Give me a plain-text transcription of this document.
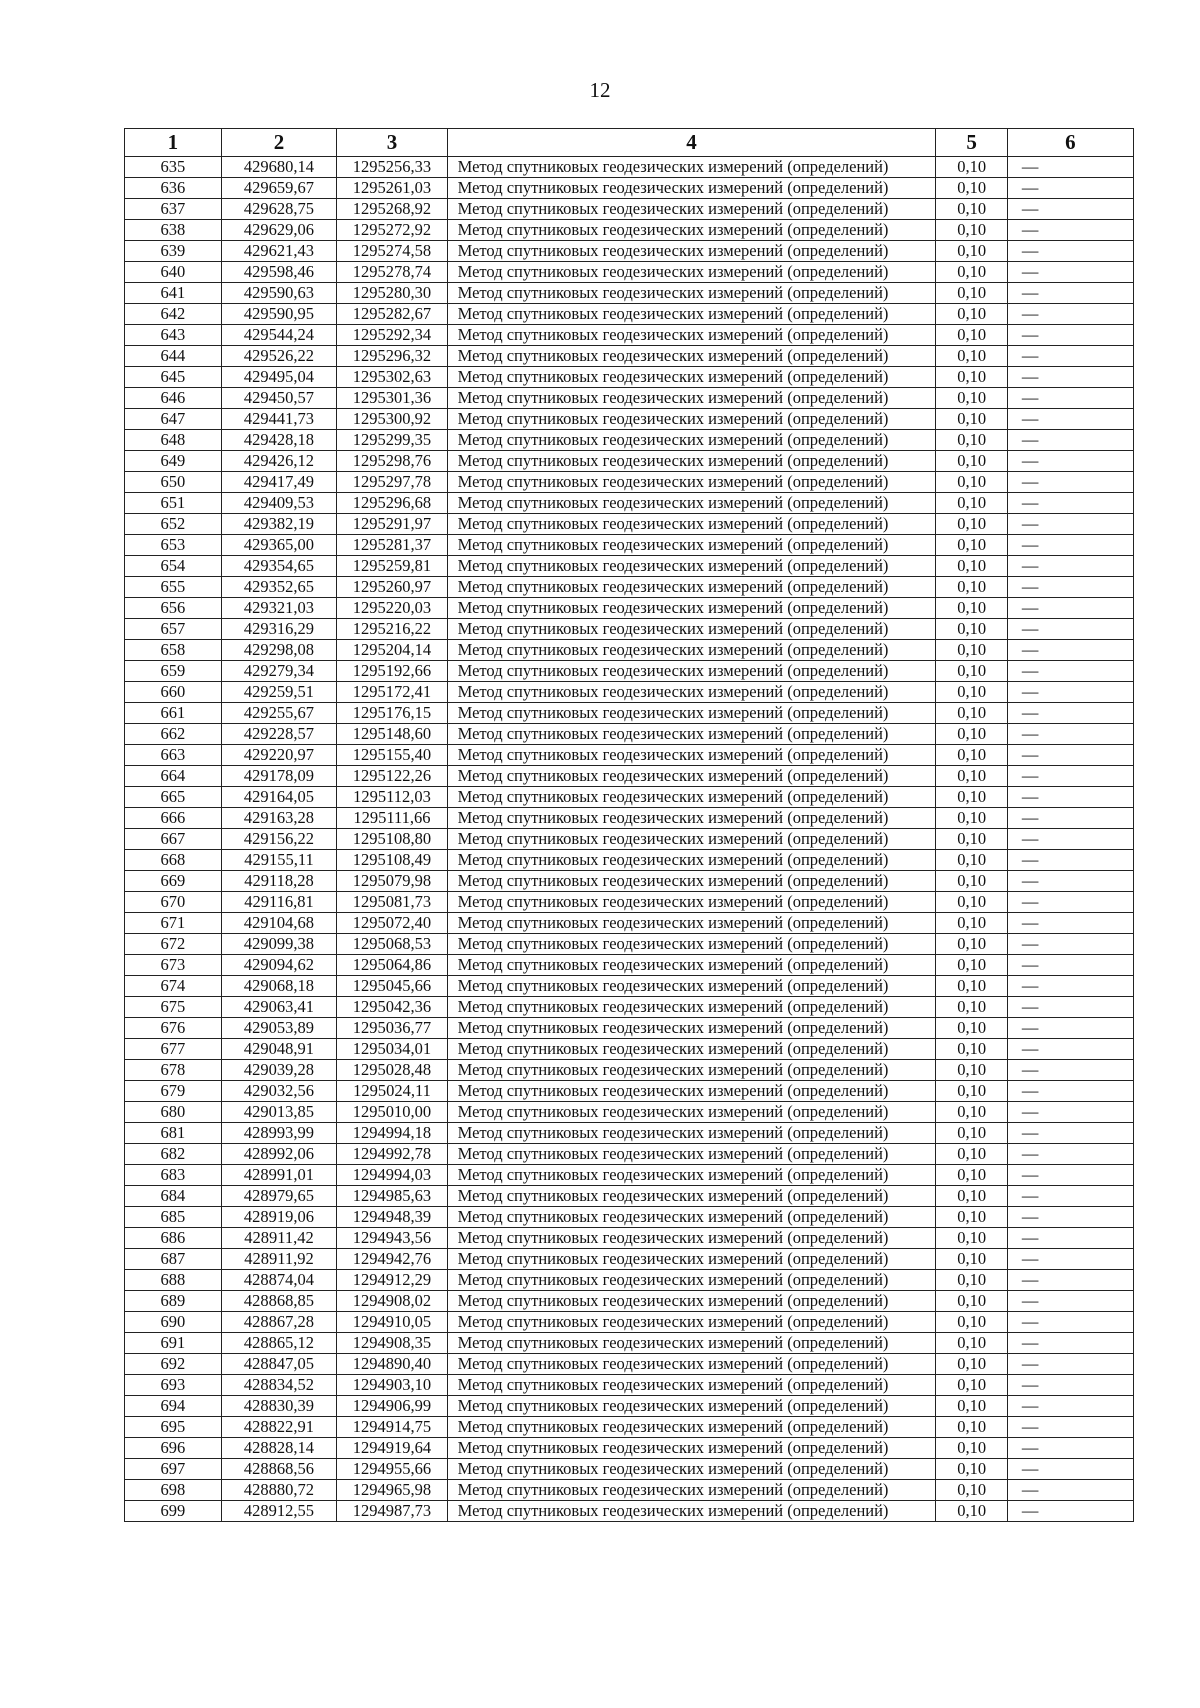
12
1	2	3	4	5	6
635	429680,14	1295256,33	Метод спутниковых геодезических измерений (определений)	0,10	—
636	429659,67	1295261,03	Метод спутниковых геодезических измерений (определений)	0,10	—
637	429628,75	1295268,92	Метод спутниковых геодезических измерений (определений)	0,10	—
638	429629,06	1295272,92	Метод спутниковых геодезических измерений (определений)	0,10	—
639	429621,43	1295274,58	Метод спутниковых геодезических измерений (определений)	0,10	—
640	429598,46	1295278,74	Метод спутниковых геодезических измерений (определений)	0,10	—
641	429590,63	1295280,30	Метод спутниковых геодезических измерений (определений)	0,10	—
642	429590,95	1295282,67	Метод спутниковых геодезических измерений (определений)	0,10	—
643	429544,24	1295292,34	Метод спутниковых геодезических измерений (определений)	0,10	—
644	429526,22	1295296,32	Метод спутниковых геодезических измерений (определений)	0,10	—
645	429495,04	1295302,63	Метод спутниковых геодезических измерений (определений)	0,10	—
646	429450,57	1295301,36	Метод спутниковых геодезических измерений (определений)	0,10	—
647	429441,73	1295300,92	Метод спутниковых геодезических измерений (определений)	0,10	—
648	429428,18	1295299,35	Метод спутниковых геодезических измерений (определений)	0,10	—
649	429426,12	1295298,76	Метод спутниковых геодезических измерений (определений)	0,10	—
650	429417,49	1295297,78	Метод спутниковых геодезических измерений (определений)	0,10	—
651	429409,53	1295296,68	Метод спутниковых геодезических измерений (определений)	0,10	—
652	429382,19	1295291,97	Метод спутниковых геодезических измерений (определений)	0,10	—
653	429365,00	1295281,37	Метод спутниковых геодезических измерений (определений)	0,10	—
654	429354,65	1295259,81	Метод спутниковых геодезических измерений (определений)	0,10	—
655	429352,65	1295260,97	Метод спутниковых геодезических измерений (определений)	0,10	—
656	429321,03	1295220,03	Метод спутниковых геодезических измерений (определений)	0,10	—
657	429316,29	1295216,22	Метод спутниковых геодезических измерений (определений)	0,10	—
658	429298,08	1295204,14	Метод спутниковых геодезических измерений (определений)	0,10	—
659	429279,34	1295192,66	Метод спутниковых геодезических измерений (определений)	0,10	—
660	429259,51	1295172,41	Метод спутниковых геодезических измерений (определений)	0,10	—
661	429255,67	1295176,15	Метод спутниковых геодезических измерений (определений)	0,10	—
662	429228,57	1295148,60	Метод спутниковых геодезических измерений (определений)	0,10	—
663	429220,97	1295155,40	Метод спутниковых геодезических измерений (определений)	0,10	—
664	429178,09	1295122,26	Метод спутниковых геодезических измерений (определений)	0,10	—
665	429164,05	1295112,03	Метод спутниковых геодезических измерений (определений)	0,10	—
666	429163,28	1295111,66	Метод спутниковых геодезических измерений (определений)	0,10	—
667	429156,22	1295108,80	Метод спутниковых геодезических измерений (определений)	0,10	—
668	429155,11	1295108,49	Метод спутниковых геодезических измерений (определений)	0,10	—
669	429118,28	1295079,98	Метод спутниковых геодезических измерений (определений)	0,10	—
670	429116,81	1295081,73	Метод спутниковых геодезических измерений (определений)	0,10	—
671	429104,68	1295072,40	Метод спутниковых геодезических измерений (определений)	0,10	—
672	429099,38	1295068,53	Метод спутниковых геодезических измерений (определений)	0,10	—
673	429094,62	1295064,86	Метод спутниковых геодезических измерений (определений)	0,10	—
674	429068,18	1295045,66	Метод спутниковых геодезических измерений (определений)	0,10	—
675	429063,41	1295042,36	Метод спутниковых геодезических измерений (определений)	0,10	—
676	429053,89	1295036,77	Метод спутниковых геодезических измерений (определений)	0,10	—
677	429048,91	1295034,01	Метод спутниковых геодезических измерений (определений)	0,10	—
678	429039,28	1295028,48	Метод спутниковых геодезических измерений (определений)	0,10	—
679	429032,56	1295024,11	Метод спутниковых геодезических измерений (определений)	0,10	—
680	429013,85	1295010,00	Метод спутниковых геодезических измерений (определений)	0,10	—
681	428993,99	1294994,18	Метод спутниковых геодезических измерений (определений)	0,10	—
682	428992,06	1294992,78	Метод спутниковых геодезических измерений (определений)	0,10	—
683	428991,01	1294994,03	Метод спутниковых геодезических измерений (определений)	0,10	—
684	428979,65	1294985,63	Метод спутниковых геодезических измерений (определений)	0,10	—
685	428919,06	1294948,39	Метод спутниковых геодезических измерений (определений)	0,10	—
686	428911,42	1294943,56	Метод спутниковых геодезических измерений (определений)	0,10	—
687	428911,92	1294942,76	Метод спутниковых геодезических измерений (определений)	0,10	—
688	428874,04	1294912,29	Метод спутниковых геодезических измерений (определений)	0,10	—
689	428868,85	1294908,02	Метод спутниковых геодезических измерений (определений)	0,10	—
690	428867,28	1294910,05	Метод спутниковых геодезических измерений (определений)	0,10	—
691	428865,12	1294908,35	Метод спутниковых геодезических измерений (определений)	0,10	—
692	428847,05	1294890,40	Метод спутниковых геодезических измерений (определений)	0,10	—
693	428834,52	1294903,10	Метод спутниковых геодезических измерений (определений)	0,10	—
694	428830,39	1294906,99	Метод спутниковых геодезических измерений (определений)	0,10	—
695	428822,91	1294914,75	Метод спутниковых геодезических измерений (определений)	0,10	—
696	428828,14	1294919,64	Метод спутниковых геодезических измерений (определений)	0,10	—
697	428868,56	1294955,66	Метод спутниковых геодезических измерений (определений)	0,10	—
698	428880,72	1294965,98	Метод спутниковых геодезических измерений (определений)	0,10	—
699	428912,55	1294987,73	Метод спутниковых геодезических измерений (определений)	0,10	—
